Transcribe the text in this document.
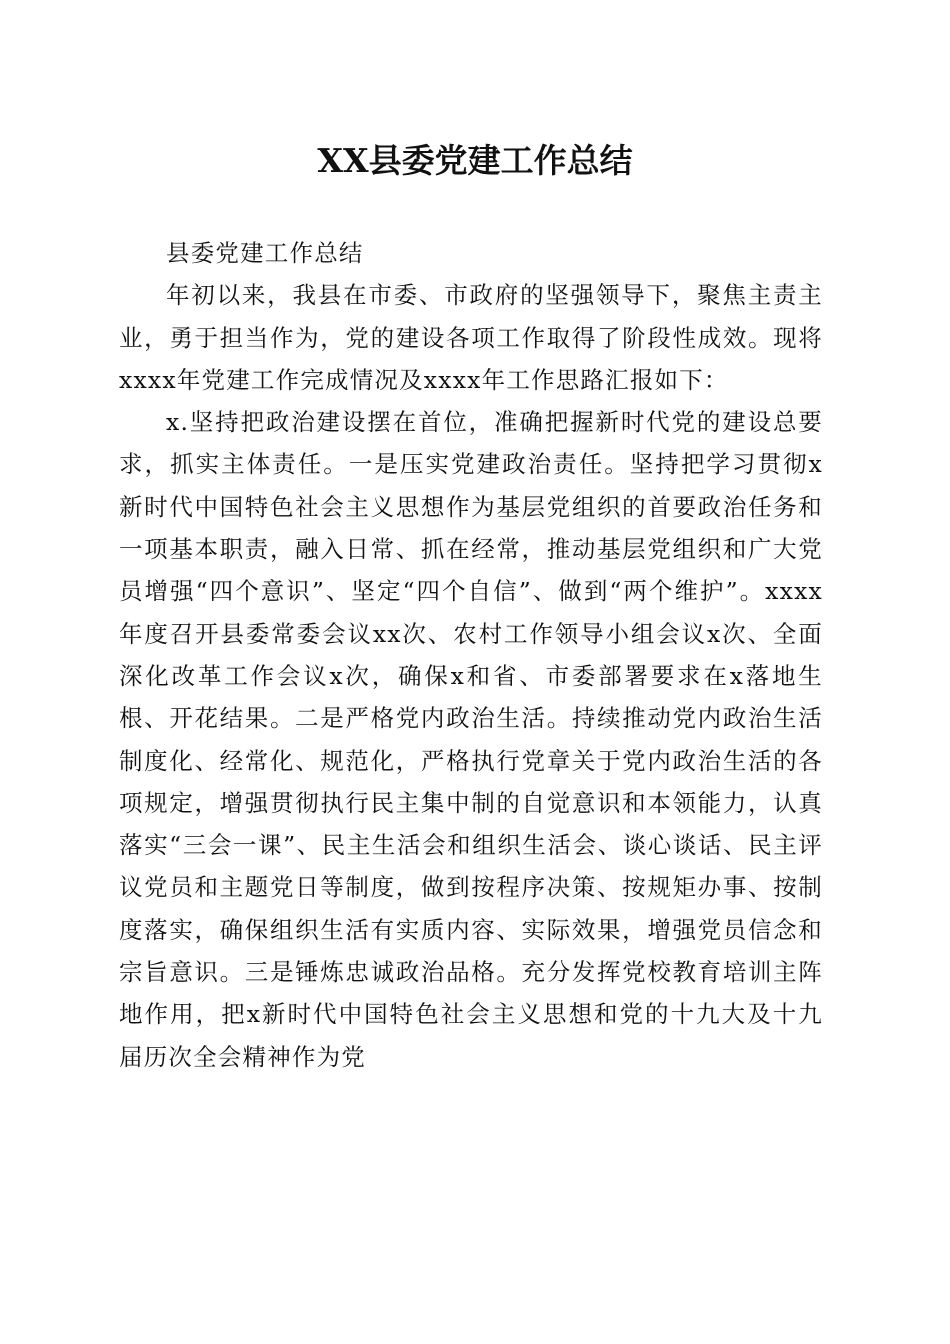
XX县委党建工作总结

县委党建工作总结

年初以来，我县在市委、市政府的坚强领导下，聚焦主责主业，勇于担当作为，党的建设各项工作取得了阶段性成效。现将xxxx年党建工作完成情况及xxxx年工作思路汇报如下：

x.坚持把政治建设摆在首位，准确把握新时代党的建设总要求，抓实主体责任。一是压实党建政治责任。坚持把学习贯彻x新时代中国特色社会主义思想作为基层党组织的首要政治任务和一项基本职责，融入日常、抓在经常，推动基层党组织和广大党员增强“四个意识”、坚定“四个自信”、做到“两个维护”。xxxx年度召开县委常委会议xx次、农村工作领导小组会议x次、全面深化改革工作会议x次，确保x和省、市委部署要求在x落地生根、开花结果。二是严格党内政治生活。持续推动党内政治生活制度化、经常化、规范化，严格执行党章关于党内政治生活的各项规定，增强贯彻执行民主集中制的自觉意识和本领能力，认真落实“三会一课”、民主生活会和组织生活会、谈心谈话、民主评议党员和主题党日等制度，做到按程序决策、按规矩办事、按制度落实，确保组织生活有实质内容、实际效果，增强党员信念和宗旨意识。三是锤炼忠诚政治品格。充分发挥党校教育培训主阵地作用，把x新时代中国特色社会主义思想和党的十九大及十九届历次全会精神作为党
